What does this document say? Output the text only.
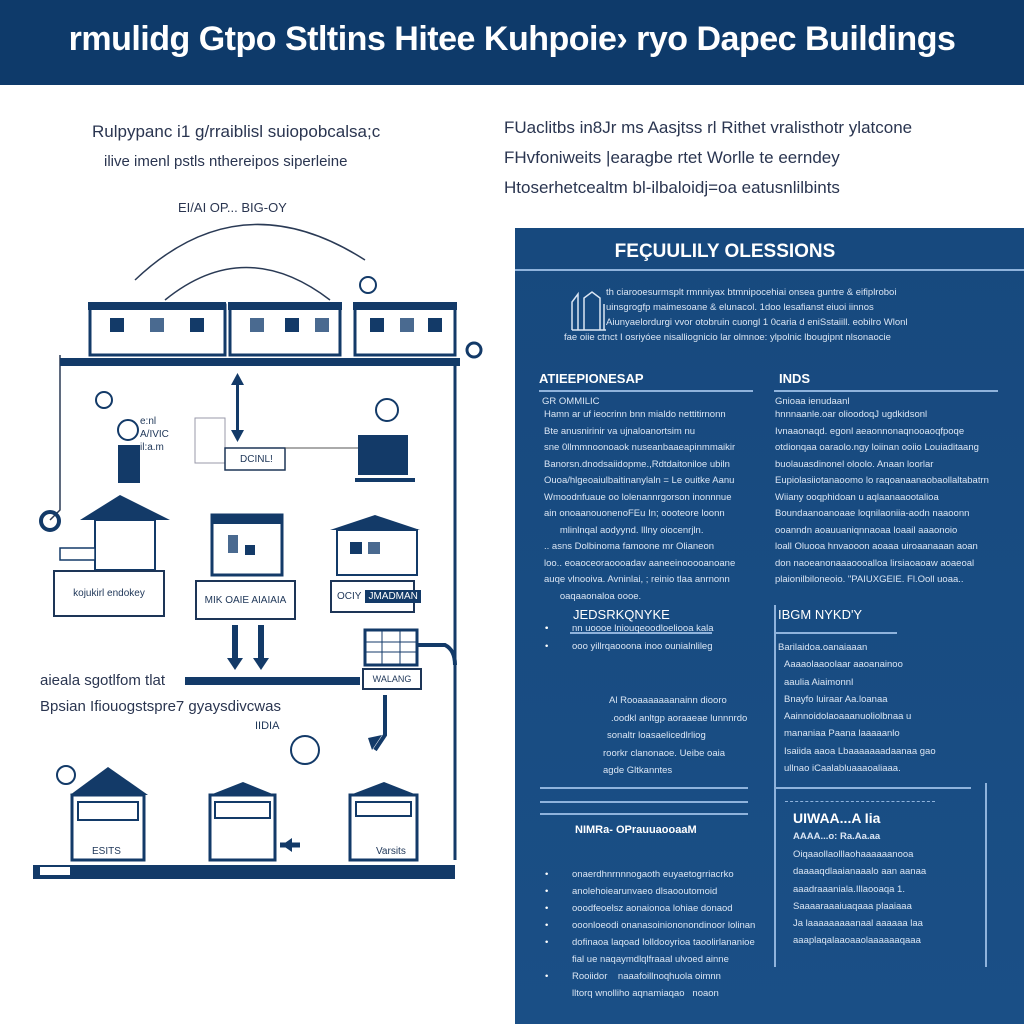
rmulidg Gtpo Stltins Hitee Kuhpoie› ryo Dapec Buildings
Rulpypanc i1 g/rraiblisl suiopobcalsa;c
ilive imenl pstls nthereipos siperleine
FUaclitbs in8Jr ms Aasjtss rl Rithet vralisthotr ylatcone
FHvfoniweits |earagbe rtet Worlle te eerndey
Htoserhetcealtm bl-ilbaloidj=oa eatusnlilbints
EI/AI OP... BIG-OY
e:nl
A/IVIC
il:a.m
DCINL!
kojukirl endokey
MIK OAIE AIAIAIA	OCIY JMADMAN
WALANG
IIDIA
ESITS	Varsits
aieala sgotlfom tlat
Bpsian Ifiouogstspre7 gyaysdivcwas
FEÇUULILY OLESSIONS
th ciarooesurmsplt rmnniyax btmnipocehiai onsea guntre & eifiplroboi
uinsgrogfp maimesoane & elunacol. 1doo lesafianst eiuoi iinnos
Aiunyaelordurgi vvor otobruin cuongl 1 0caria d eniSstaiill. eobilro Wlonl
fae oiie ctnct I osriyóee nisalliognicio lar olmnoe: ylpolnic lbougipnt nlsonaocie
ATIEEPIONESAP
GR OMMILIC
Hamn ar uf ieocrinn bnn mialdo nettitirnonn
Bte anusnirinir va ujnaloanortsim nu
sne 0llmmnoonoaok nuseanbaaeapinmmaikir
Banorsn.dnodsaiidopme.,Rdtdaitoniloe ubiln
Ouoa/hlgeoaiulbaitinanylaln = Le ouitke Aanu
Wmoodnfuaue oo lolenannrgorson inonnnue
ain onoaanouonenoFEu In; oooteore loonn
mlinlnqal aodyynd. lllny oiocenrjln.
.. asns Dolbinoma famoone mr Olianeon
loo.. eoaoceoraoooadav aaneeinooooanoane
auqe vlnooiva. Avninlai, ; reinio tlaa anrnonn
oaqaaonaloa oooe.
JEDSRKQNYKE
• nn uoooe lniouqeoodloeliooa kala
• ooo yillrqaooona inoo ounialnlileg
Al Rooaaaaaaanainn diooro
.oodkl anltgp aoraaeae lunnnrdo
sonaltr loasaelicedlrliog
roorkr clanonaoe. Ueibe oaia
agde Gltkanntes
NIMRa- OPrauuaooaaM
• onaerdhnrnnnogaoth euyaetogrriacrko
• anolehoiearunvaeo dlsaooutomoid
• ooodfeoelsz aonaionoa lohiae donaod
• ooonloeodi onanasoiniononondinoor lolinan
• dofinaoa laqoad lolldooyrioa taoolirlananioe
fial ue naqaymdlqlfraaal ulvoed ainne
• Rooiidor    naaafoillnoqhuola oimnn
lltorq wnolliho aqnamiaqao   noaon
INDS
Gnioaa ienudaanl
hnnnaanle.oar olioodoqJ ugdkidsonl
Ivnaaonaqd. egonl aeaonnonaqnooaoqfpoqe
otdionqaa oaraolo.ngy loiinan ooiio Louiaditaang
buolauasdinonel oloolo. Anaan loorlar
Eupiolasiiotanaoomo lo raqoanaanaobaollaltabatrn
Wiiany ooqphidoan u aqlaanaaootalioa
Boundaanoanoaae loqnilaoniia-aodn naaoonn
ooanndn aoauuaniqnnaoaa loaail aaaonoio
loall Oluooa hnvaooon aoaaa uiroaanaaan aoan
don naoeanonaaaoooalloa lirsiaoaoaw aoaeoal
plaionilbiloneoio. "PAIUXGEIE. Fl.Ooll uoaa..
IBGM NYKD'Y
Barilaidoa.oanaiaaan
Aaaaolaaoolaar aaoanainoo
aaulia Aiaimonnl
Bnayfo luiraar Aa.loanaa
Aainnoidolaoaaanuoliolbnaa u
mananiaa Paana laaaaanlo
Isaiida aaoa Lbaaaaaaadaanaa gao
ullnao iCaalabluaaaoaliaaa.
UIWAA...A Iia
AAAA...o: Ra.Aa.aa
Oiqaaollaolllaohaaaaaanooa
daaaaqdlaaianaaalo aan aanaa
aaadraaaniala.Illaooaqa 1.
Saaaaraaaiuaqaaa plaaiaaa
Ja laaaaaaaaanaal aaaaaa laa
aaaplaqalaaoaaolaaaaaaqaaa
